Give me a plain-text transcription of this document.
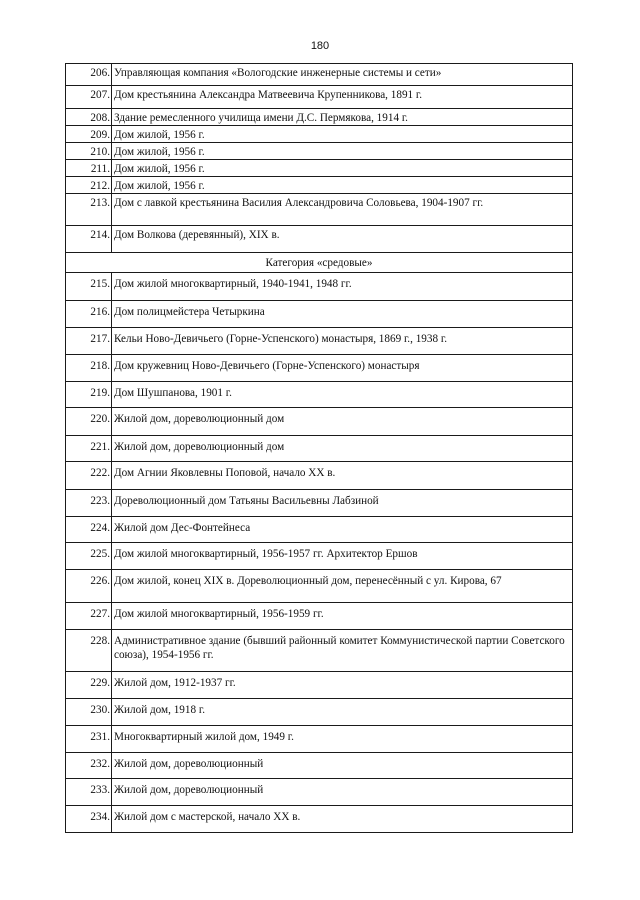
180
206.	Управляющая компания «Вологодские инженерные системы и сети»
207.	Дом крестьянина Александра Матвеевича Крупенникова, 1891 г.
208.	Здание ремесленного училища имени Д.С. Пермякова, 1914 г.
209.	Дом жилой, 1956 г.
210.	Дом жилой, 1956 г.
211.	Дом жилой, 1956 г.
212.	Дом жилой, 1956 г.
213.	Дом с лавкой крестьянина Василия Александровича Соловьева, 1904-1907 гг.
214.	Дом Волкова (деревянный), XIX в.
Категория «средовые»	
215.	Дом жилой многоквартирный, 1940-1941, 1948 гг.
216.	Дом полицмейстера Четыркина
217.	Кельи Ново-Девичьего (Горне-Успенского) монастыря, 1869 г., 1938 г.
218.	Дом кружевниц Ново-Девичьего (Горне-Успенского) монастыря
219.	Дом Шушпанова, 1901 г.
220.	Жилой дом, дореволюционный дом
221.	Жилой дом, дореволюционный дом
222.	Дом Агнии Яковлевны Поповой, начало XX в.
223.	Дореволюционный дом Татьяны Васильевны Лабзиной
224.	Жилой дом Дес-Фонтейнеса
225.	Дом жилой многоквартирный, 1956-1957 гг. Архитектор Ершов
226.	Дом жилой, конец XIX в. Дореволюционный дом, перенесённый с ул. Кирова, 67
227.	Дом жилой многоквартирный, 1956-1959 гг.
228.	Административное здание (бывший районный комитет Коммунистической партии Советского союза), 1954-1956 гг.
229.	Жилой дом, 1912-1937 гг.
230.	Жилой дом, 1918 г.
231.	Многоквартирный жилой дом, 1949 г.
232.	Жилой дом, дореволюционный
233.	Жилой дом, дореволюционный
234.	Жилой дом с мастерской, начало XX в.
